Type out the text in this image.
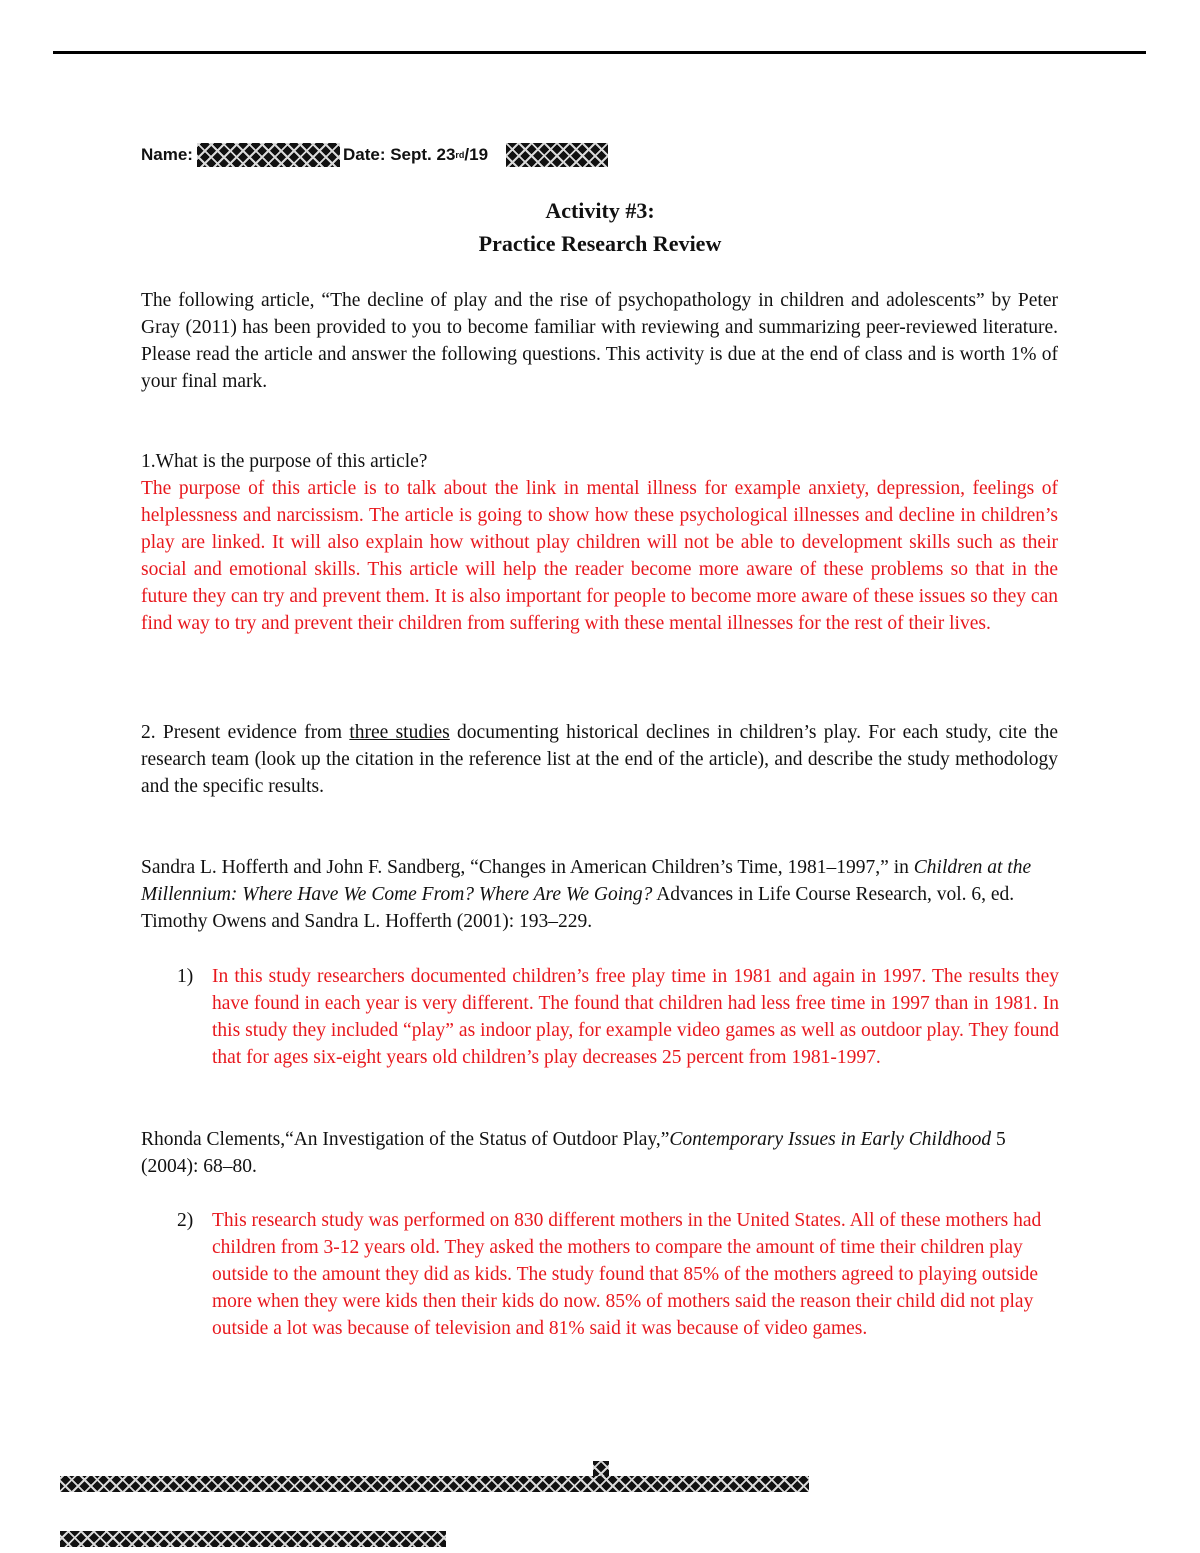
Name:	Date: Sept. 23 rd /19
Activity #3:
Practice Research Review

The following article, “The decline of play and the rise of psychopathology in children and adolescents” by Peter Gray (2011) has been provided to you to become familiar with reviewing and summarizing peer-reviewed literature. Please read the article and answer the following questions. This activity is due at the end of class and is worth 1% of your final mark.

1.What is the purpose of this article?

The purpose of this article is to talk about the link in mental illness for example anxiety, depression, feelings of helplessness and narcissism. The article is going to show how these psychological illnesses and decline in children’s play are linked. It will also explain how without play children will not be able to development skills such as their social and emotional skills. This article will help the reader become more aware of these problems so that in the future they can try and prevent them. It is also important for people to become more aware of these issues so they can find way to try and prevent their children from suffering with these mental illnesses for the rest of their lives.

2. Present evidence from three studies documenting historical declines in children’s play. For each study, cite the research team (look up the citation in the reference list at the end of the article), and describe the study methodology and the specific results.

Sandra L. Hofferth and John F. Sandberg, “Changes in American Children’s Time, 1981–1997,” in Children at the Millennium: Where Have We Come From? Where Are We Going? Advances in Life Course Research, vol. 6, ed. Timothy Owens and Sandra L. Hofferth (2001): 193–229.

1) In this study researchers documented children’s free play time in 1981 and again in 1997. The results they have found in each year is very different. The found that children had less free time in 1997 than in 1981. In this study they included “play” as indoor play, for example video games as well as outdoor play. They found that for ages six-eight years old children’s play decreases 25 percent from 1981-1997.

Rhonda Clements,“An Investigation of the Status of Outdoor Play,”Contemporary Issues in Early Childhood 5 (2004): 68–80.

2) This research study was performed on 830 different mothers in the United States. All of these mothers had children from 3-12 years old. They asked the mothers to compare the amount of time their children play outside to the amount they did as kids. The study found that 85% of the mothers agreed to playing outside more when they were kids then their kids do now. 85% of mothers said the reason their child did not play outside a lot was because of television and 81% said it was because of video games.
